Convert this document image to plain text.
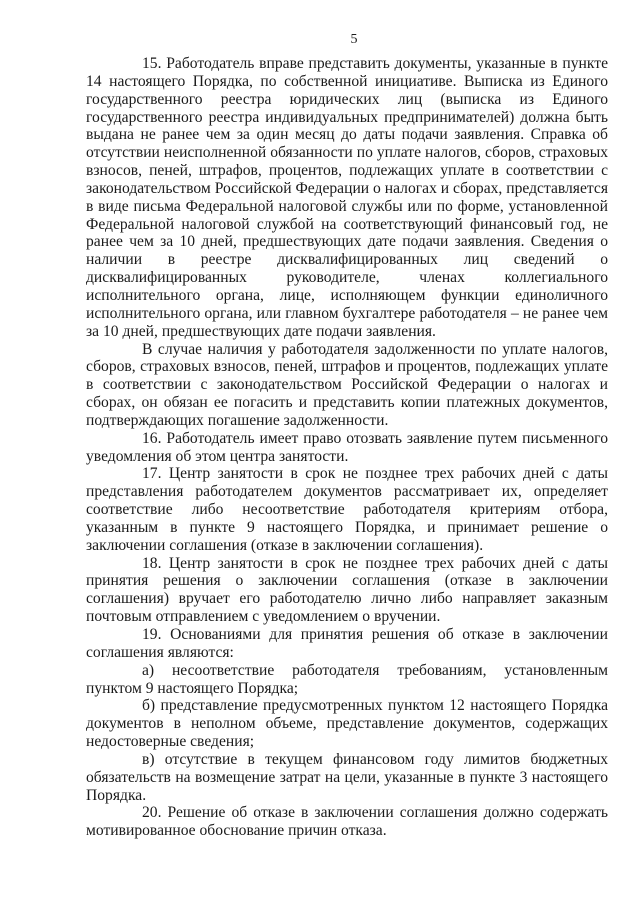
5

15. Работодатель вправе представить документы, указанные в пункте 14 настоящего Порядка, по собственной инициативе. Выписка из Единого государственного реестра юридических лиц (выписка из Единого государственного реестра индивидуальных предпринимателей) должна быть выдана не ранее чем за один месяц до даты подачи заявления. Справка об отсутствии неисполненной обязанности по уплате налогов, сборов, страховых взносов, пеней, штрафов, процентов, подлежащих уплате в соответствии с законодательством Российской Федерации о налогах и сборах, представляется в виде письма Федеральной налоговой службы или по форме, установленной Федеральной налоговой службой на соответствующий финансовый год, не ранее чем за 10 дней, предшествующих дате подачи заявления. Сведения о наличии в реестре дисквалифицированных лиц сведений о дисквалифицированных руководителе, членах коллегиального исполнительного органа, лице, исполняющем функции единоличного исполнительного органа, или главном бухгалтере работодателя – не ранее чем за 10 дней, предшествующих дате подачи заявления.

В случае наличия у работодателя задолженности по уплате налогов, сборов, страховых взносов, пеней, штрафов и процентов, подлежащих уплате в соответствии с законодательством Российской Федерации о налогах и сборах, он обязан ее погасить и представить копии платежных документов, подтверждающих погашение задолженности.

16. Работодатель имеет право отозвать заявление путем письменного уведомления об этом центра занятости.

17. Центр занятости в срок не позднее трех рабочих дней с даты представления работодателем документов рассматривает их, определяет соответствие либо несоответствие работодателя критериям отбора, указанным в пункте 9 настоящего Порядка, и принимает решение о заключении соглашения (отказе в заключении соглашения).

18. Центр занятости в срок не позднее трех рабочих дней с даты принятия решения о заключении соглашения (отказе в заключении соглашения) вручает его работодателю лично либо направляет заказным почтовым отправлением с уведомлением о вручении.

19. Основаниями для принятия решения об отказе в заключении соглашения являются:

а) несоответствие работодателя требованиям, установленным пунктом 9 настоящего Порядка;

б) представление предусмотренных пунктом 12 настоящего Порядка документов в неполном объеме, представление документов, содержащих недостоверные сведения;

в) отсутствие в текущем финансовом году лимитов бюджетных обязательств на возмещение затрат на цели, указанные в пункте 3 настоящего Порядка.

20. Решение об отказе в заключении соглашения должно содержать мотивированное обоснование причин отказа.
